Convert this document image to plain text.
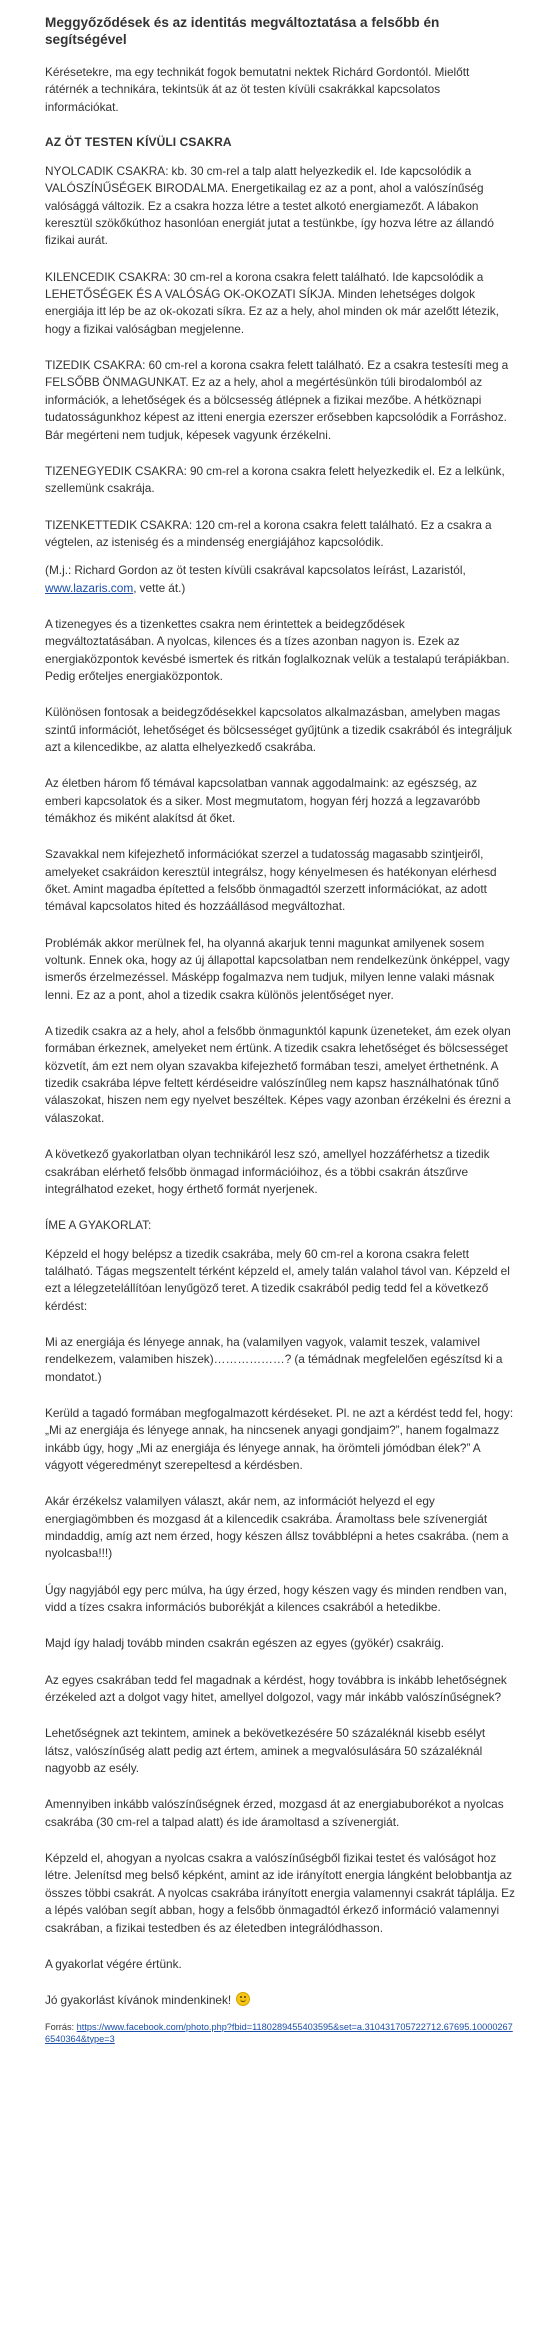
Meggyőződések és az identitás megváltoztatása a felsőbb én segítségével

Kérésetekre, ma egy technikát fogok bemutatni nektek Richárd Gordontól. Mielőtt rátérnék a technikára, tekintsük át az öt testen kívüli csakrákkal kapcsolatos információkat.

AZ ÖT TESTEN KÍVÜLI CSAKRA

NYOLCADIK CSAKRA: kb. 30 cm-rel a talp alatt helyezkedik el. Ide kapcsolódik a VALÓSZÍNŰSÉGEK BIRODALMA. Energetikailag ez az a pont, ahol a valószínűség valósággá változik. Ez a csakra hozza létre a testet alkotó energiamezőt. A lábakon keresztül szökőkúthoz hasonlóan energiát jutat a testünkbe, így hozva létre az állandó fizikai aurát.

KILENCEDIK CSAKRA: 30 cm-rel a korona csakra felett található. Ide kapcsolódik a LEHETŐSÉGEK ÉS A VALÓSÁG OK-OKOZATI SÍKJA. Minden lehetséges dolgok energiája itt lép be az ok-okozati síkra. Ez az a hely, ahol minden ok már azelőtt létezik, hogy a fizikai valóságban megjelenne.

TIZEDIK CSAKRA: 60 cm-rel a korona csakra felett található. Ez a csakra testesíti meg a FELSŐBB ÖNMAGUNKAT. Ez az a hely, ahol a megértésünkön túli birodalomból az információk, a lehetőségek és a bölcsesség átlépnek a fizikai mezőbe. A hétköznapi tudatosságunkhoz képest az itteni energia ezerszer erősebben kapcsolódik a Forráshoz. Bár megérteni nem tudjuk, képesek vagyunk érzékelni.

TIZENEGYEDIK CSAKRA: 90 cm-rel a korona csakra felett helyezkedik el. Ez a lelkünk, szellemünk csakrája.

TIZENKETTEDIK CSAKRA: 120 cm-rel a korona csakra felett található. Ez a csakra a végtelen, az isteniség és a mindenség energiájához kapcsolódik.

(M.j.: Richard Gordon az öt testen kívüli csakrával kapcsolatos leírást, Lazaristól, www.lazaris.com, vette át.)

A tizenegyes és a tizenkettes csakra nem érintettek a beidegződések megváltoztatásában. A nyolcas, kilences és a tízes azonban nagyon is. Ezek az energiaközpontok kevésbé ismertek és ritkán foglalkoznak velük a testalapú terápiákban. Pedig erőteljes energiaközpontok.

Különösen fontosak a beidegződésekkel kapcsolatos alkalmazásban, amelyben magas szintű információt, lehetőséget és bölcsességet gyűjtünk a tizedik csakrából és integráljuk azt a kilencedikbe, az alatta elhelyezkedő csakrába.

Az életben három fő témával kapcsolatban vannak aggodalmaink: az egészség, az emberi kapcsolatok és a siker. Most megmutatom, hogyan férj hozzá a legzavaróbb témákhoz és miként alakítsd át őket.

Szavakkal nem kifejezhető információkat szerzel a tudatosság magasabb szintjeiről, amelyeket csakráidon keresztül integrálsz, hogy kényelmesen és hatékonyan elérhesd őket. Amint magadba építetted a felsőbb önmagadtól szerzett információkat, az adott témával kapcsolatos hited és hozzáállásod megváltozhat.

Problémák akkor merülnek fel, ha olyanná akarjuk tenni magunkat amilyenek sosem voltunk. Ennek oka, hogy az új állapottal kapcsolatban nem rendelkezünk önképpel, vagy ismerős érzelmezéssel. Másképp fogalmazva nem tudjuk, milyen lenne valaki másnak lenni. Ez az a pont, ahol a tizedik csakra különös jelentőséget nyer.

A tizedik csakra az a hely, ahol a felsőbb önmagunktól kapunk üzeneteket, ám ezek olyan formában érkeznek, amelyeket nem értünk. A tizedik csakra lehetőséget és bölcsességet közvetít, ám ezt nem olyan szavakba kifejezhető formában teszi, amelyet érthetnénk. A tizedik csakrába lépve feltett kérdéseidre valószínűleg nem kapsz használhatónak tűnő válaszokat, hiszen nem egy nyelvet beszéltek. Képes vagy azonban érzékelni és érezni a válaszokat.

A következő gyakorlatban olyan technikáról lesz szó, amellyel hozzáférhetsz a tizedik csakrában elérhető felsőbb önmagad információihoz, és a többi csakrán átszűrve integrálhatod ezeket, hogy érthető formát nyerjenek.

ÍME A GYAKORLAT:

Képzeld el hogy belépsz a tizedik csakrába, mely 60 cm-rel a korona csakra felett található. Tágas megszentelt térként képzeld el, amely talán valahol távol van. Képzeld el ezt a lélegzetelállítóan lenyűgöző teret. A tizedik csakrából pedig tedd fel a következő kérdést:

Mi az energiája és lényege annak, ha (valamilyen vagyok, valamit teszek, valamivel rendelkezem, valamiben hiszek)………………? (a témádnak megfelelően egészítsd ki a mondatot.)

Kerüld a tagadó formában megfogalmazott kérdéseket. Pl. ne azt a kérdést tedd fel, hogy: „Mi az energiája és lényege annak, ha nincsenek anyagi gondjaim?”, hanem fogalmazz inkább úgy, hogy „Mi az energiája és lényege annak, ha örömteli jómódban élek?” A vágyott végeredményt szerepeltesd a kérdésben.

Akár érzékelsz valamilyen választ, akár nem, az információt helyezd el egy energiagömbben és mozgasd át a kilencedik csakrába. Áramoltass bele szívenergiát mindaddig, amíg azt nem érzed, hogy készen állsz továbblépni a hetes csakrába. (nem a nyolcasba!!!)

Úgy nagyjából egy perc múlva, ha úgy érzed, hogy készen vagy és minden rendben van, vidd a tízes csakra információs buborékját a kilences csakrából a hetedikbe.

Majd így haladj tovább minden csakrán egészen az egyes (gyökér) csakráig.

Az egyes csakrában tedd fel magadnak a kérdést, hogy továbbra is inkább lehetőségnek érzékeled azt a dolgot vagy hitet, amellyel dolgozol, vagy már inkább valószínűségnek?

Lehetőségnek azt tekintem, aminek a bekövetkezésére 50 százaléknál kisebb esélyt látsz, valószínűség alatt pedig azt értem, aminek a megvalósulására 50 százaléknál nagyobb az esély.

Amennyiben inkább valószínűségnek érzed, mozgasd át az energiabuborékot a nyolcas csakrába (30 cm-rel a talpad alatt) és ide áramoltasd a szívenergiát.

Képzeld el, ahogyan a nyolcas csakra a valószínűségből fizikai testet és valóságot hoz létre. Jelenítsd meg belső képként, amint az ide irányított energia lángként belobbantja az összes többi csakrát. A nyolcas csakrába irányított energia valamennyi csakrát táplálja. Ez a lépés valóban segít abban, hogy a felsőbb önmagadtól érkező információ valamennyi csakrában, a fizikai testedben és az életedben integrálódhasson.

A gyakorlat végére értünk.

Jó gyakorlást kívánok mindenkinek!

Forrás: https://www.facebook.com/photo.php?fbid=1180289455403595&set=a.310431705722712.67695.100002676540364&type=3
